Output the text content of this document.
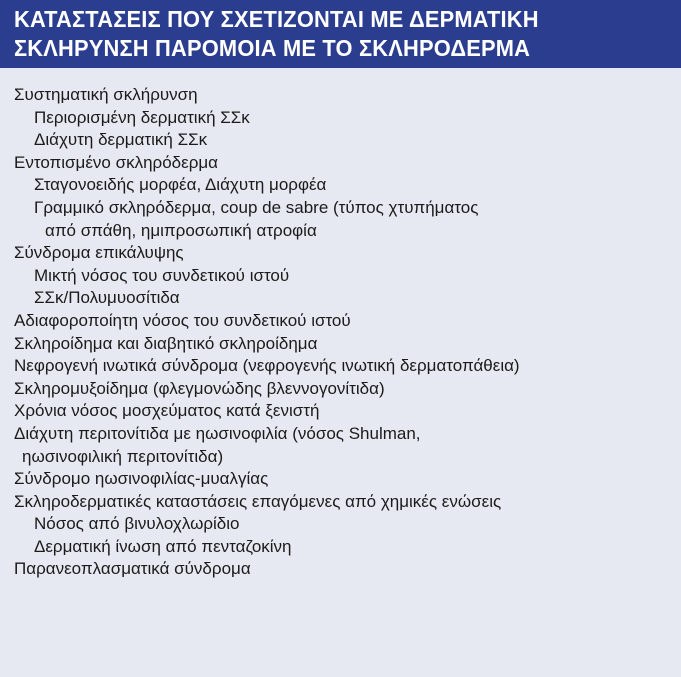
ΚΑΤΑΣΤΑΣΕΙΣ ΠΟΥ ΣΧΕΤΙΖΟΝΤΑΙ ΜΕ ΔΕΡΜΑΤΙΚΗ
ΣΚΛΗΡΥΝΣΗ ΠΑΡΟΜΟΙΑ ΜΕ ΤΟ ΣΚΛΗΡΟΔΕΡΜΑ
Συστηματική σκλήρυνση
Περιορισμένη δερματική ΣΣκ
Διάχυτη δερματική ΣΣκ
Εντοπισμένο σκληρόδερμα
Σταγονοειδής μορφέα, Διάχυτη μορφέα
Γραμμικό σκληρόδερμα, coup de sabre (τύπος χτυπήματος
από σπάθη, ημιπροσωπική ατροφία
Σύνδρομα επικάλυψης
Μικτή νόσος του συνδετικού ιστού
ΣΣκ/Πολυμυοσίτιδα
Αδιαφοροποίητη νόσος του συνδετικού ιστού
Σκληροίδημα και διαβητικό σκληροίδημα
Νεφρογενή ινωτικά σύνδρομα (νεφρογενής ινωτική δερματοπάθεια)
Σκληρομυξοίδημα (φλεγμονώδης βλεννογονίτιδα)
Χρόνια νόσος μοσχεύματος κατά ξενιστή
Διάχυτη περιτονίτιδα με ηωσινοφιλία (νόσος Shulman,
ηωσινοφιλική περιτονίτιδα)
Σύνδρομο ηωσινοφιλίας-μυαλγίας
Σκληροδερματικές καταστάσεις επαγόμενες από χημικές ενώσεις
Νόσος από βινυλοχλωρίδιο
Δερματική ίνωση από πενταζοκίνη
Παρανεοπλασματικά σύνδρομα
